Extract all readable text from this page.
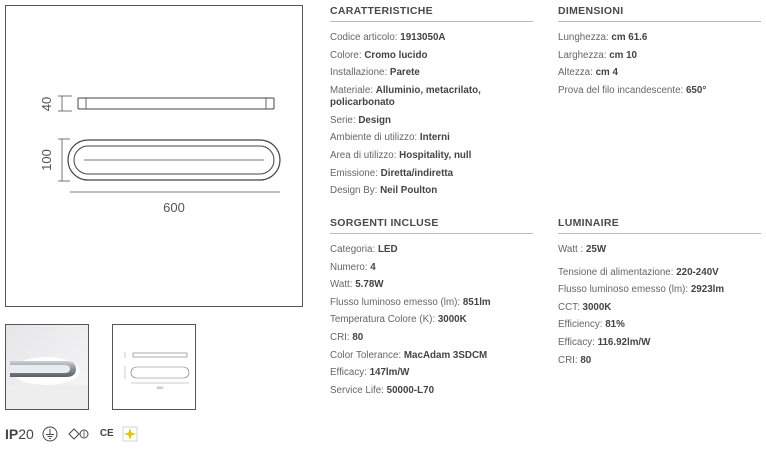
40
100
600
600
CARATTERISTICHE
Codice articolo: 1913050A
Colore: Cromo lucido
Installazione: Parete
Materiale: Alluminio, metacrilato, policarbonato
Serie: Design
Ambiente di utilizzo: Interni
Area di utilizzo: Hospitality, null
Emissione: Diretta/indiretta
Design By: Neil Poulton
DIMENSIONI
Lunghezza: cm 61.6
Larghezza: cm 10
Altezza: cm 4
Prova del filo incandescente: 650°
SORGENTI INCLUSE
Categoria: LED
Numero: 4
Watt: 5.78W
Flusso luminoso emesso (lm): 851lm
Temperatura Colore (K): 3000K
CRI: 80
Color Tolerance: MacAdam 3SDCM
Efficacy: 147lm/W
Service Life: 50000-L70
LUMINAIRE
Watt : 25W
Tensione di alimentazione: 220-240V
Flusso luminoso emesso (lm): 2923lm
CCT: 3000K
Efficiency: 81%
Efficacy: 116.92lm/W
CRI: 80
IP20	CE
